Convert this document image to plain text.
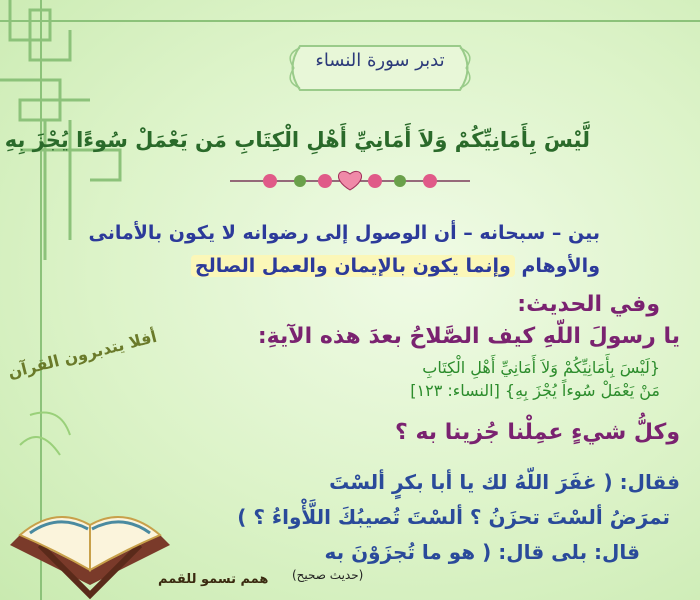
تدبر سورة النساء
لَّيْسَ بِأَمَانِيِّكُمْ وَلاَ أَمَانِيِّ أَهْلِ الْكِتَابِ مَن يَعْمَلْ سُوءًا يُجْزَ بِهِ
بين – سبحانه – أن الوصول إلى رضوانه لا يكون بالأمانى
والأوهام وإنما يكون بالإيمان والعمل الصالح
وفي الحديث:
يا رسولَ اللّهِ كيف الصَّلاحُ بعدَ هذه الآيةِ:
{لَيْسَ بِأَمَانِيِّكُمْ وَلاَ أَمَانِيِّ أَهْلِ الْكِتَابِ
مَنْ يَعْمَلْ سُوءاً يُجْزَ بِهِ} [النساء: ١٢٣]
وكلُّ شيءٍ عمِلْنا جُزينا به ؟
فقال: ( غفَرَ اللّهُ لك يا أبا بكرٍ ألسْتَ
تمرَضُ ألسْتَ تحزَنُ ؟ ألسْتَ تُصيبُكَ اللَّأْواءُ ؟ )
قال: بلى قال: ( هو ما تُجزَوْنَ به
(حديث صحيح)
أفلا يتدبرون القرآن
همم تسمو للقمم
